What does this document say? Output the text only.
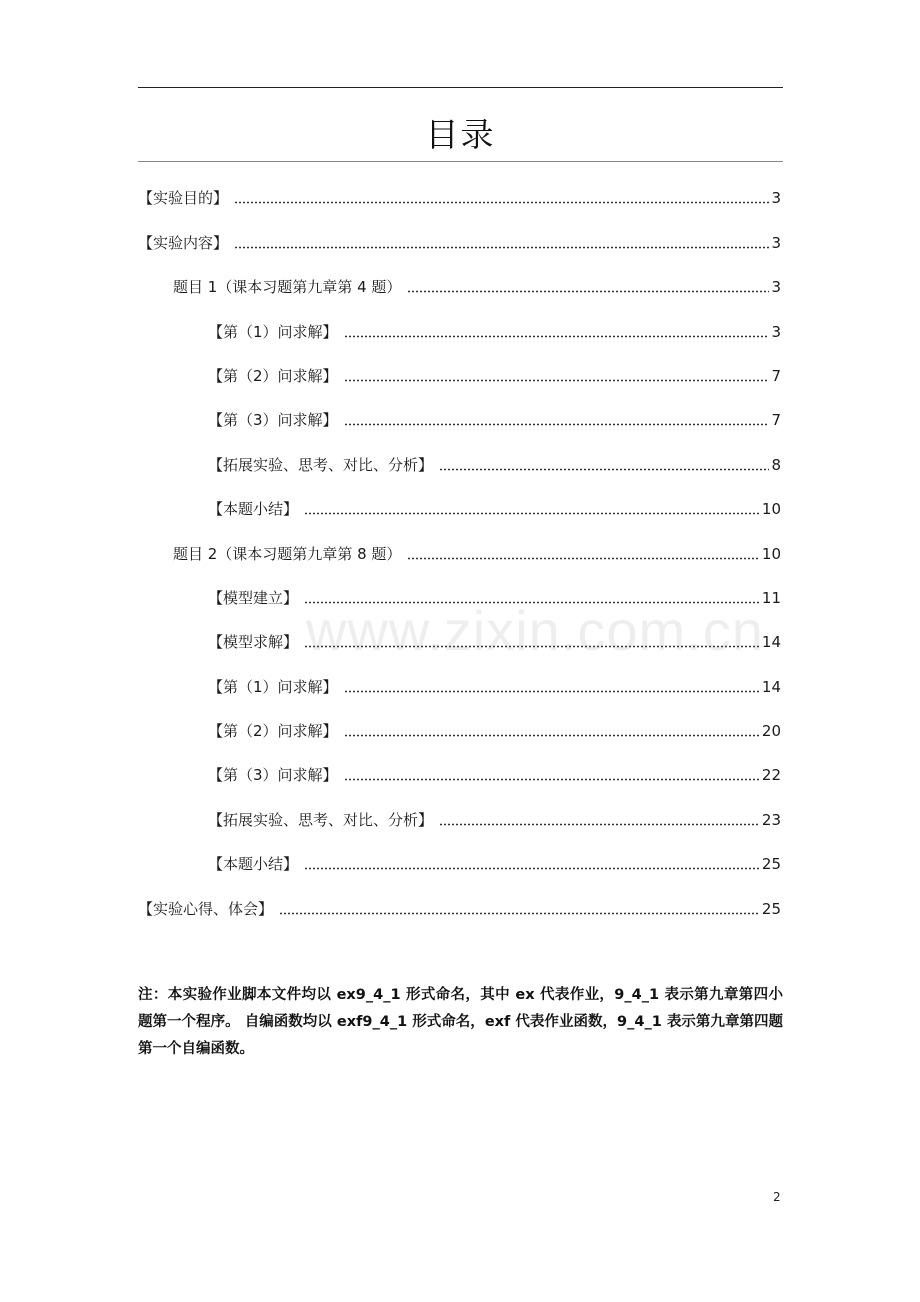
目录
【实验目的】	3
【实验内容】	3
题目 1（课本习题第九章第 4 题）	3
【第（1）问求解】	3
【第（2）问求解】	7
【第（3）问求解】	7
【拓展实验、思考、对比、分析】	8
【本题小结】	10
题目 2（课本习题第九章第 8 题）	10
【模型建立】	11
【模型求解】	14
【第（1）问求解】	14
【第（2）问求解】	20
【第（3）问求解】	22
【拓展实验、思考、对比、分析】	23
【本题小结】	25
【实验心得、体会】	25
www.zixin.com.cn
注：本实验作业脚本文件均以 ex9_4_1 形式命名，其中 ex 代表作业，9_4_1 表示第九章第四小题第一个程序。 自编函数均以 exf9_4_1 形式命名，exf 代表作业函数，9_4_1 表示第九章第四题第一个自编函数。
2
